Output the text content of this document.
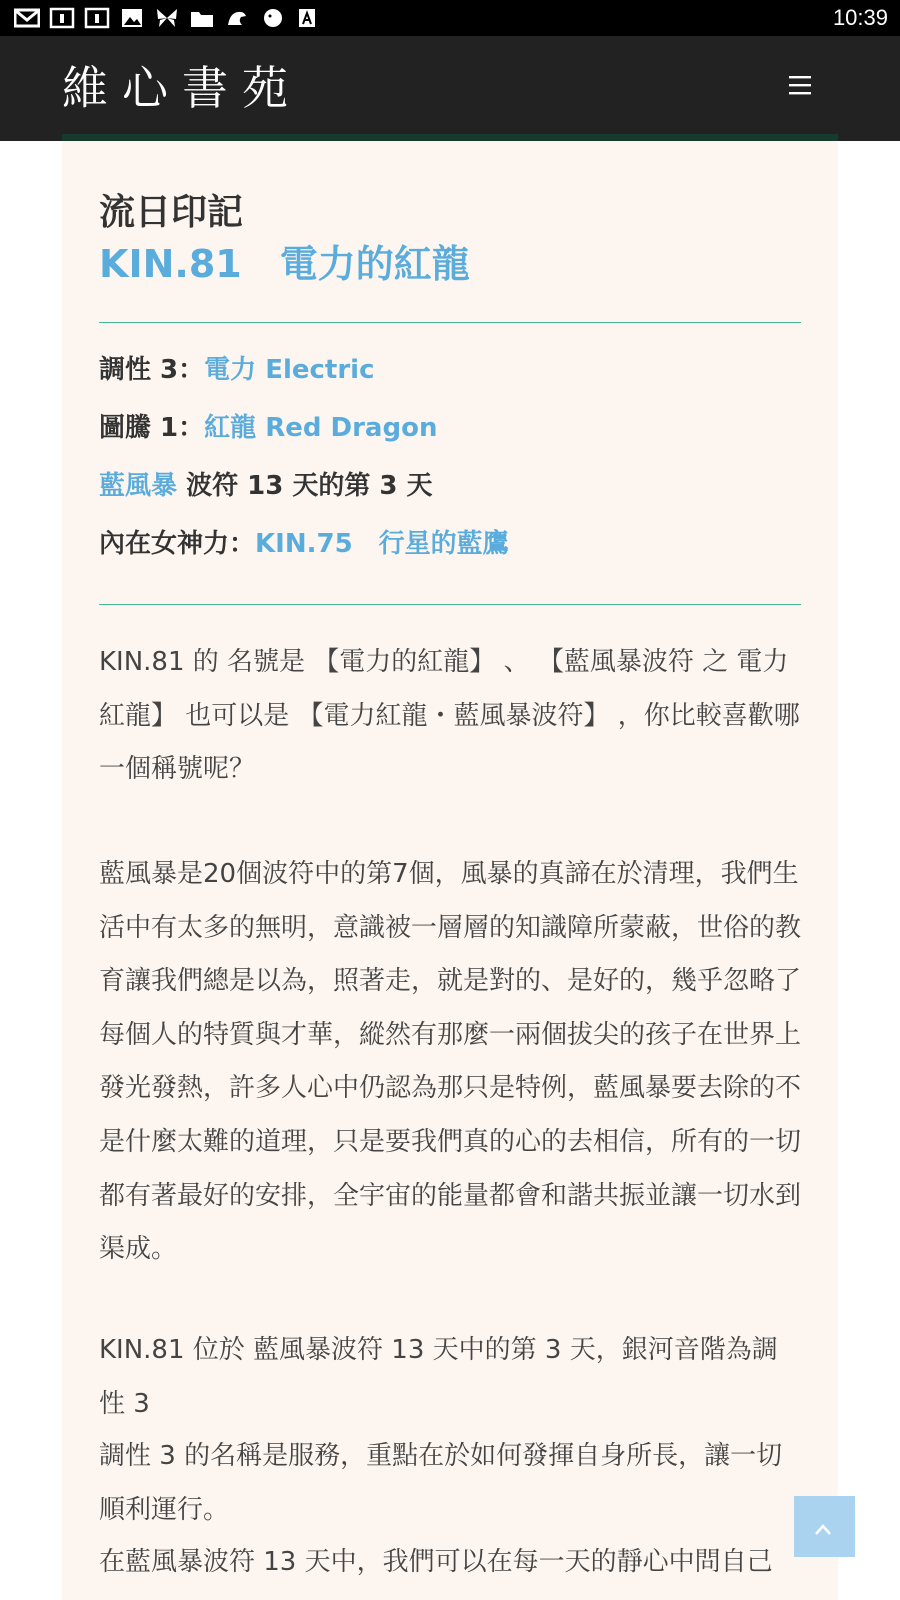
10:39
維心書苑
流日印記
KIN.81　電力的紅龍
調性 3：電力 Electric
圖騰 1：紅龍 Red Dragon
藍風暴 波符 13 天的第 3 天
內在女神力：KIN.75　行星的藍鷹
KIN.81 的 名號是 【電力的紅龍】 、 【藍風暴波符 之 電力紅龍】 也可以是 【電力紅龍・藍風暴波符】 ，你比較喜歡哪一個稱號呢？
藍風暴是20個波符中的第7個，風暴的真諦在於清理，我們生活中有太多的無明，意識被一層層的知識障所蒙蔽，世俗的教育讓我們總是以為，照著走，就是對的、是好的，幾乎忽略了每個人的特質與才華，縱然有那麼一兩個拔尖的孩子在世界上發光發熱，許多人心中仍認為那只是特例，藍風暴要去除的不是什麼太難的道理，只是要我們真的心的去相信，所有的一切都有著最好的安排，全宇宙的能量都會和諧共振並讓一切水到渠成。
KIN.81 位於 藍風暴波符 13 天中的第 3 天，銀河音階為調性 3
調性 3 的名稱是服務，重點在於如何發揮自身所長，讓一切順利運行。
在藍風暴波符 13 天中，我們可以在每一天的靜心中問自己
